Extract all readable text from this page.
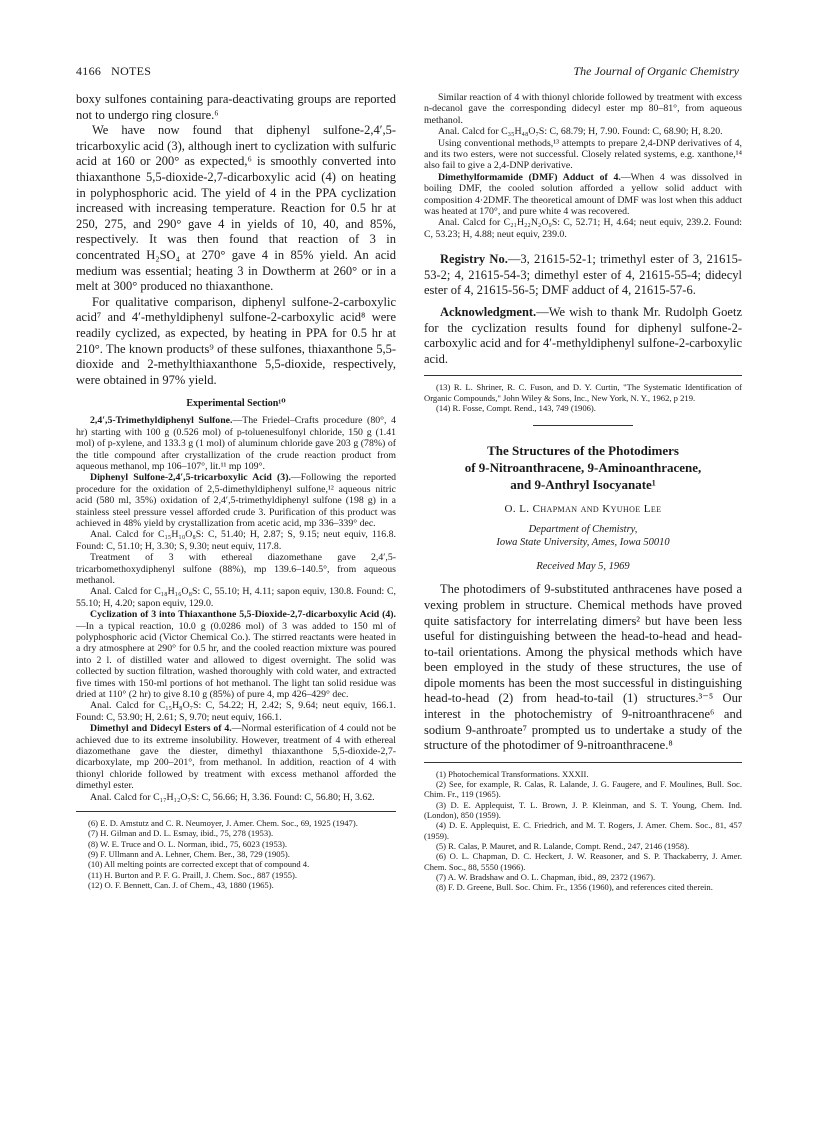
4166 NOTES	The Journal of Organic Chemistry

boxy sulfones containing para-deactivating groups are reported not to undergo ring closure.⁶

We have now found that diphenyl sulfone-2,4′,5-tricarboxylic acid (3), although inert to cyclization with sulfuric acid at 160 or 200° as expected,⁶ is smoothly converted into thiaxanthone 5,5-dioxide-2,7-dicarboxylic acid (4) on heating in polyphosphoric acid. The yield of 4 in the PPA cyclization increased with increasing temperature. Reaction for 0.5 hr at 250, 275, and 290° gave 4 in yields of 10, 40, and 85%, respectively. It was then found that reaction of 3 in concentrated H₂SO₄ at 270° gave 4 in 85% yield. An acid medium was essential; heating 3 in Dowtherm at 260° or in a melt at 300° produced no thiaxanthone.

For qualitative comparison, diphenyl sulfone-2-carboxylic acid⁷ and 4′-methyldiphenyl sulfone-2-carboxylic acid⁸ were readily cyclized, as expected, by heating in PPA for 0.5 hr at 210°. The known products⁹ of these sulfones, thiaxanthone 5,5-dioxide and 2-methylthiaxanthone 5,5-dioxide, respectively, were obtained in 97% yield.

Experimental Section¹⁰

2,4′,5-Trimethyldiphenyl Sulfone.—The Friedel–Crafts procedure (80°, 4 hr) starting with 100 g (0.526 mol) of p-toluenesulfonyl chloride, 150 g (1.41 mol) of p-xylene, and 133.3 g (1 mol) of aluminum chloride gave 203 g (78%) of the title compound after crystallization of the crude reaction product from aqueous methanol, mp 106–107°, lit.¹¹ mp 109°.

Diphenyl Sulfone-2,4′,5-tricarboxylic Acid (3).—Following the reported procedure for the oxidation of 2,5-dimethyldiphenyl sulfone,¹² aqueous nitric acid (580 ml, 35%) oxidation of 2,4′,5-trimethyldiphenyl sulfone (198 g) in a stainless steel pressure vessel afforded crude 3. Purification of this product was achieved in 48% yield by crystallization from acetic acid, mp 336–339° dec.

Anal. Calcd for C₁₅H₁₀O₈S: C, 51.40; H, 2.87; S, 9.15; neut equiv, 116.8. Found: C, 51.10; H, 3.30; S, 9.30; neut equiv, 117.8.

Treatment of 3 with ethereal diazomethane gave 2,4′,5-tricarbomethoxydiphenyl sulfone (88%), mp 139.6–140.5°, from aqueous methanol.

Anal. Calcd for C₁₈H₁₆O₈S: C, 55.10; H, 4.11; sapon equiv, 130.8. Found: C, 55.10; H, 4.20; sapon equiv, 129.0.

Cyclization of 3 into Thiaxanthone 5,5-Dioxide-2,7-dicarboxylic Acid (4).—In a typical reaction, 10.0 g (0.0286 mol) of 3 was added to 150 ml of polyphosphoric acid (Victor Chemical Co.). The stirred reactants were heated in a dry atmosphere at 290° for 0.5 hr, and the cooled reaction mixture was poured into 2 l. of distilled water and allowed to digest overnight. The solid was collected by suction filtration, washed thoroughly with cold water, and extracted five times with 150-ml portions of hot methanol. The light tan solid residue was dried at 110° (2 hr) to give 8.10 g (85%) of pure 4, mp 426–429° dec.

Anal. Calcd for C₁₅H₈O₇S: C, 54.22; H, 2.42; S, 9.64; neut equiv, 166.1. Found: C, 53.90; H, 2.61; S, 9.70; neut equiv, 166.1.

Dimethyl and Didecyl Esters of 4.—Normal esterification of 4 could not be achieved due to its extreme insolubility. However, treatment of 4 with ethereal diazomethane gave the diester, dimethyl thiaxanthone 5,5-dioxide-2,7-dicarboxylate, mp 200–201°, from methanol. In addition, reaction of 4 with thionyl chloride followed by treatment with excess methanol afforded the dimethyl ester.

Anal. Calcd for C₁₇H₁₂O₇S: C, 56.66; H, 3.36. Found: C, 56.80; H, 3.62.

(6) E. D. Amstutz and C. R. Neumoyer, J. Amer. Chem. Soc., 69, 1925 (1947).

(7) H. Gilman and D. L. Esmay, ibid., 75, 278 (1953).

(8) W. E. Truce and O. L. Norman, ibid., 75, 6023 (1953).

(9) F. Ullmann and A. Lehner, Chem. Ber., 38, 729 (1905).

(10) All melting points are corrected except that of compound 4.

(11) H. Burton and P. F. G. Praill, J. Chem. Soc., 887 (1955).

(12) O. F. Bennett, Can. J. of Chem., 43, 1880 (1965).

Similar reaction of 4 with thionyl chloride followed by treatment with excess n-decanol gave the corresponding didecyl ester mp 80–81°, from aqueous methanol.

Anal. Calcd for C₃₅H₄₈O₇S: C, 68.79; H, 7.90. Found: C, 68.90; H, 8.20.

Using conventional methods,¹³ attempts to prepare 2,4-DNP derivatives of 4, and its two esters, were not successful. Closely related systems, e.g. xanthone,¹⁴ also fail to give a 2,4-DNP derivative.

Dimethylformamide (DMF) Adduct of 4.—When 4 was dissolved in boiling DMF, the cooled solution afforded a yellow solid adduct with composition 4·2DMF. The theoretical amount of DMF was lost when this adduct was heated at 170°, and pure white 4 was recovered.

Anal. Calcd for C₂₁H₂₂N₂O₉S: C, 52.71; H, 4.64; neut equiv, 239.2. Found: C, 53.23; H, 4.88; neut equiv, 239.0.

Registry No.—3, 21615-52-1; trimethyl ester of 3, 21615-53-2; 4, 21615-54-3; dimethyl ester of 4, 21615-55-4; didecyl ester of 4, 21615-56-5; DMF adduct of 4, 21615-57-6.

Acknowledgment.—We wish to thank Mr. Rudolph Goetz for the cyclization results found for diphenyl sulfone-2-carboxylic acid and for 4′-methyldiphenyl sulfone-2-carboxylic acid.

(13) R. L. Shriner, R. C. Fuson, and D. Y. Curtin, "The Systematic Identification of Organic Compounds," John Wiley & Sons, Inc., New York, N. Y., 1962, p 219.

(14) R. Fosse, Compt. Rend., 143, 749 (1906).

The Structures of the Photodimers
of 9-Nitroanthracene, 9-Aminoanthracene,
and 9-Anthryl Isocyanate¹
O. L. Chapman and Kyuhoe Lee
Department of Chemistry,
Iowa State University, Ames, Iowa 50010
Received May 5, 1969

The photodimers of 9-substituted anthracenes have posed a vexing problem in structure. Chemical methods have proved quite satisfactory for interrelating dimers² but have been less useful for distinguishing between the head-to-head and head-to-tail orientations. Among the physical methods which have been employed in the study of these structures, the use of dipole moments has been the most successful in distinguishing head-to-head (2) from head-to-tail (1) structures.³⁻⁵ Our interest in the photochemistry of 9-nitroanthracene⁶ and sodium 9-anthroate⁷ prompted us to undertake a study of the structure of the photodimer of 9-nitroanthracene.⁸

(1) Photochemical Transformations. XXXII.

(2) See, for example, R. Calas, R. Lalande, J. G. Faugere, and F. Moulines, Bull. Soc. Chim. Fr., 119 (1965).

(3) D. E. Applequist, T. L. Brown, J. P. Kleinman, and S. T. Young, Chem. Ind. (London), 850 (1959).

(4) D. E. Applequist, E. C. Friedrich, and M. T. Rogers, J. Amer. Chem. Soc., 81, 457 (1959).

(5) R. Calas, P. Mauret, and R. Lalande, Compt. Rend., 247, 2146 (1958).

(6) O. L. Chapman, D. C. Heckert, J. W. Reasoner, and S. P. Thackaberry, J. Amer. Chem. Soc., 88, 5550 (1966).

(7) A. W. Bradshaw and O. L. Chapman, ibid., 89, 2372 (1967).

(8) F. D. Greene, Bull. Soc. Chim. Fr., 1356 (1960), and references cited therein.
